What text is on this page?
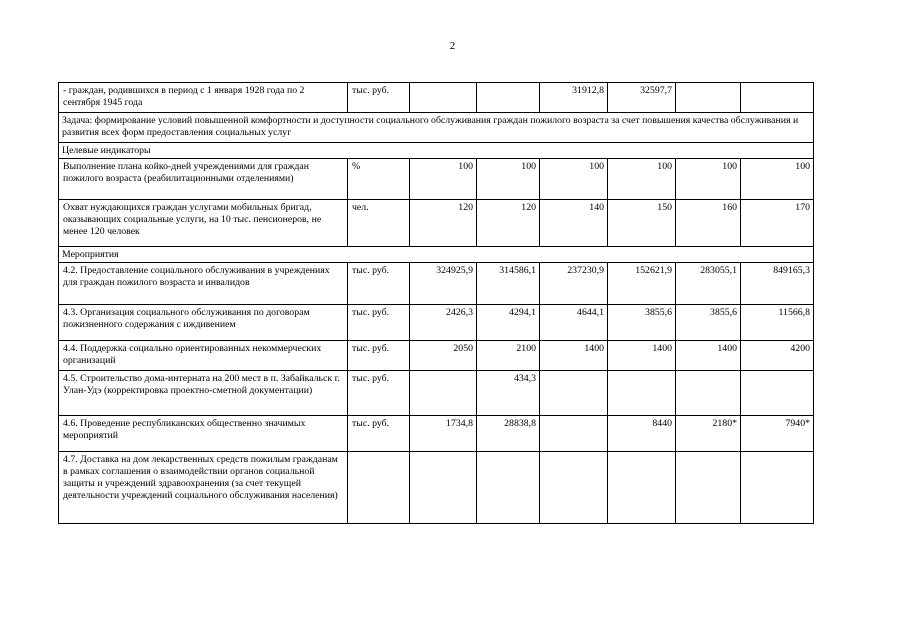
2
- граждан, родившихся в период с 1 января 1928 года по 2 сентября 1945 года	тыс. руб.			31912,8	32597,7		
Задача: формирование условий повышенной комфортности и доступности социального обслуживания граждан пожилого возраста за счет повышения качества обслуживания и развития всех форм предоставления социальных услуг							
Целевые индикаторы							
Выполнение плана койко-дней учреждениями для граждан пожилого возраста (реабилитационными отделениями)	%	100	100	100	100	100	100
Охват нуждающихся граждан услугами мобильных бригад, оказывающих социальные услуги, на 10 тыс. пенсионеров, не менее 120 человек	чел.	120	120	140	150	160	170
Мероприятия							
4.2. Предоставление социального обслуживания в учреждениях для граждан пожилого возраста и инвалидов	тыс. руб.	324925,9	314586,1	237230,9	152621,9	283055,1	849165,3
4.3. Организация социального обслуживания по договорам пожизненного содержания с иждивением	тыс. руб.	2426,3	4294,1	4644,1	3855,6	3855,6	11566,8
4.4. Поддержка социально ориентированных некоммерческих организаций	тыс. руб.	2050	2100	1400	1400	1400	4200
4.5. Строительство дома-интерната на 200 мест в п. Забайкальск г. Улан-Удэ (корректировка проектно-сметной документации)	тыс. руб.		434,3				
4.6. Проведение республиканских общественно значимых мероприятий	тыс. руб.	1734,8	28838,8		8440	2180*	7940*
4.7. Доставка на дом лекарственных средств пожилым гражданам в рамках соглашения о взаимодействии органов социальной защиты и учреждений здравоохранения (за счет текущей деятельности учреждений социального обслуживания населения)							
